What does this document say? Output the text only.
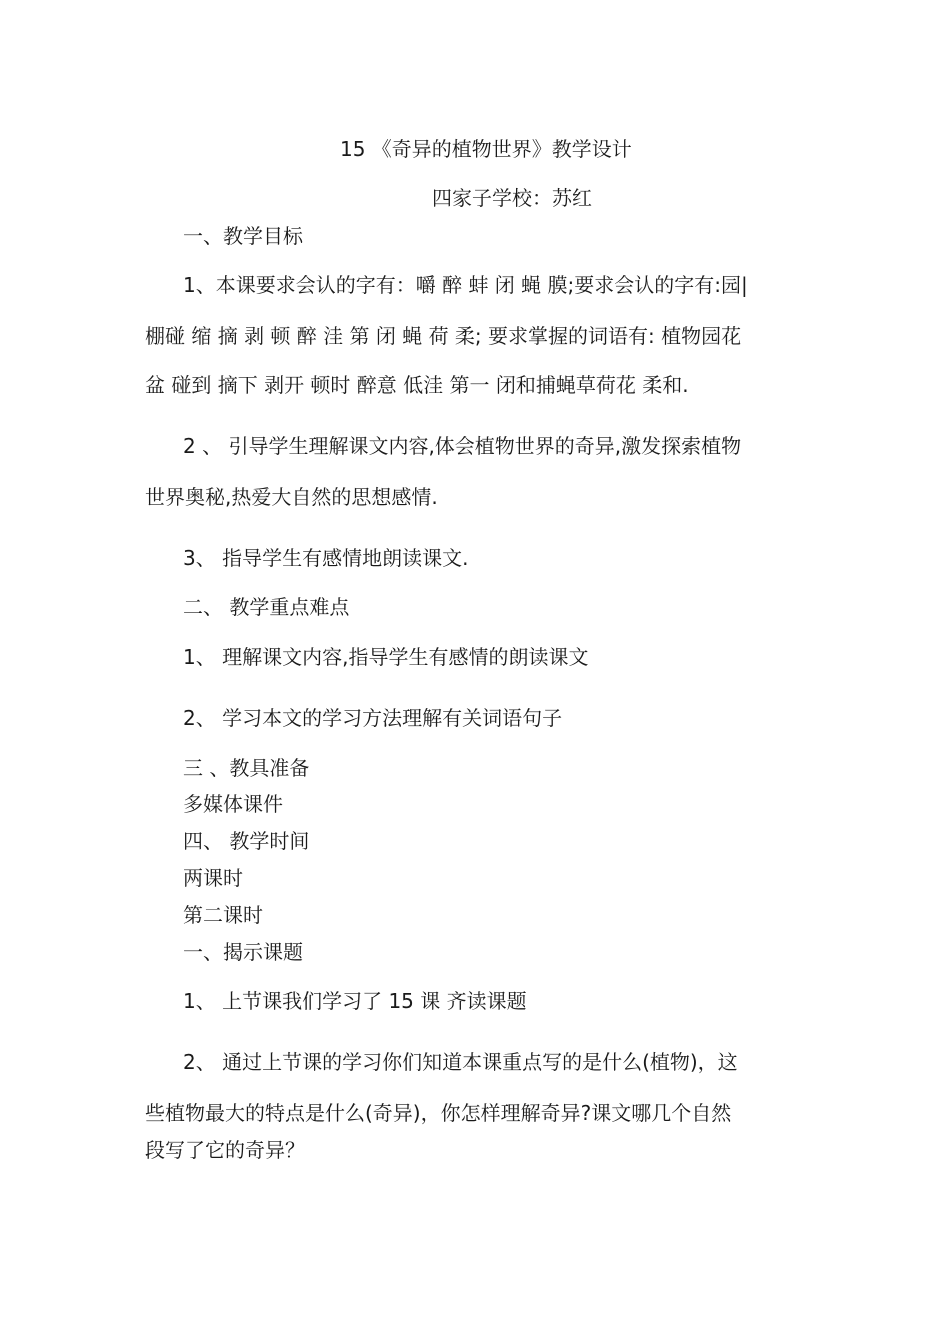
15 《奇异的植物世界》教学设计
四家子学校：苏红
一、教学目标
1、本课要求会认的字有：嚼 醉 蚌 闭 蝇 膜;要求会认的字有:园|
棚碰 缩 摘 剥 顿 醉 洼 第 闭 蝇 荷 柔; 要求掌握的词语有: 植物园花
盆 碰到 摘下 剥开 顿时 醉意 低洼 第一 闭和捕蝇草荷花 柔和.
2 、 引导学生理解课文内容,体会植物世界的奇异,激发探索植物
世界奥秘,热爱大自然的思想感情.
3、 指导学生有感情地朗读课文.
二、 教学重点难点
1、 理解课文内容,指导学生有感情的朗读课文
2、 学习本文的学习方法理解有关词语句子
三 、教具准备
多媒体课件
四、 教学时间
两课时
第二课时
一、揭示课题
1、 上节课我们学习了 15 课 齐读课题
2、 通过上节课的学习你们知道本课重点写的是什么(植物)，这
些植物最大的特点是什么(奇异)，你怎样理解奇异?课文哪几个自然
段写了它的奇异？
